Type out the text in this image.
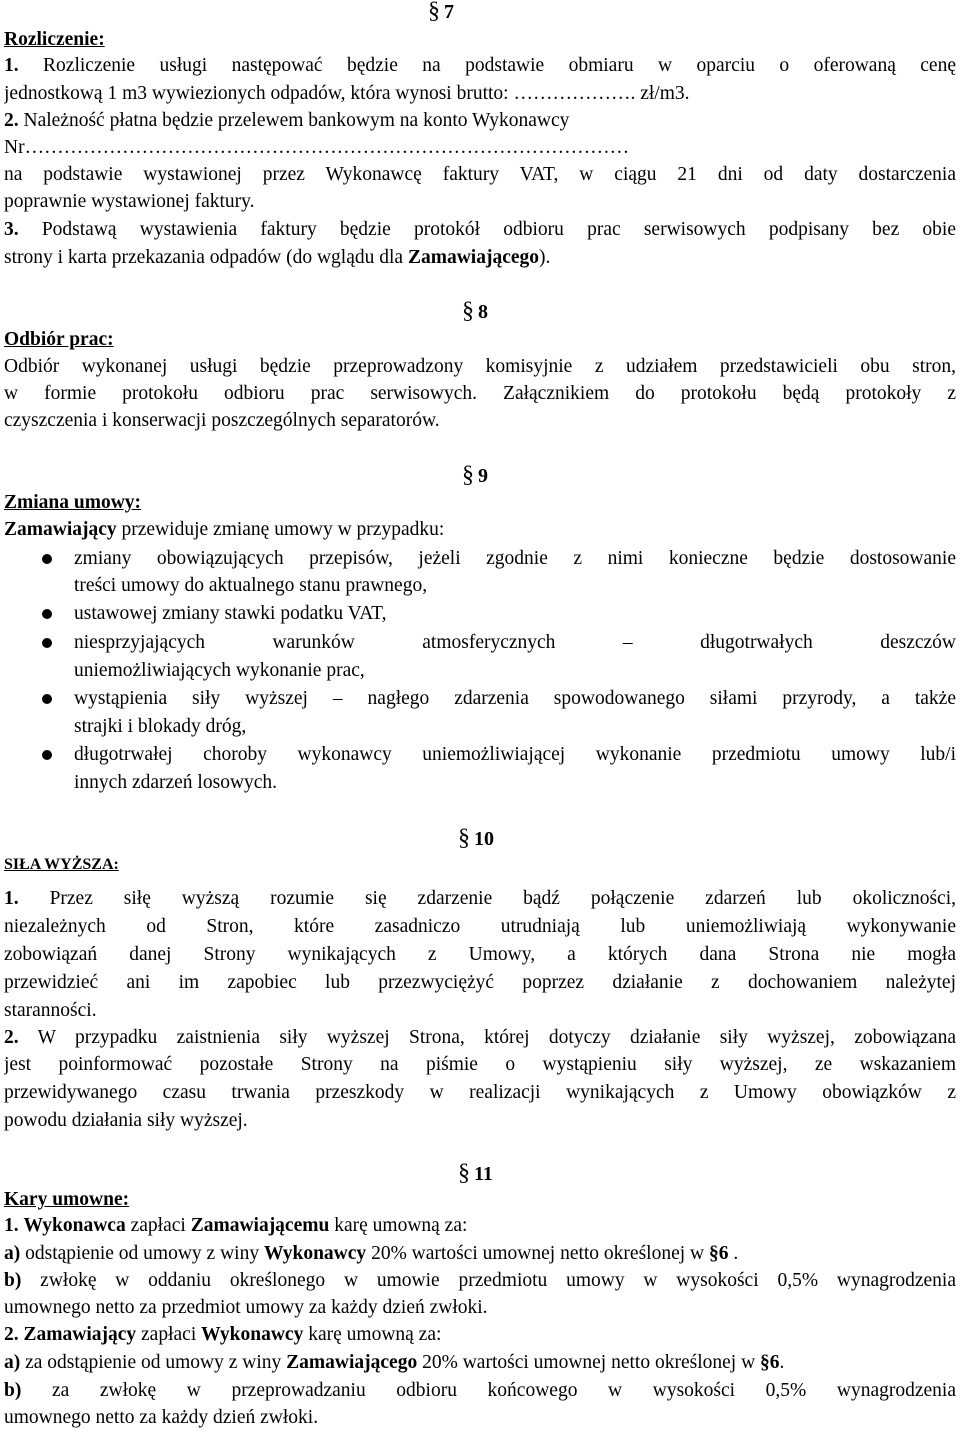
§ 7
Rozliczenie:
1. Rozliczenie usługi następować będzie na podstawie obmiaru w oparciu o oferowaną cenę
jednostkową 1 m3 wywiezionych odpadów, która wynosi brutto: ………………. zł/m3.
2. Należność płatna będzie przelewem bankowym na konto Wykonawcy
Nr…………………………………………………………………………………
na podstawie wystawionej przez Wykonawcę faktury VAT, w ciągu 21 dni od daty dostarczenia
poprawnie wystawionej faktury.
3. Podstawą wystawienia faktury będzie protokół odbioru prac serwisowych podpisany bez obie
strony i karta przekazania odpadów (do wglądu dla Zamawiającego).
§ 8
Odbiór prac:
Odbiór wykonanej usługi będzie przeprowadzony komisyjnie z udziałem przedstawicieli obu stron,
w formie protokołu odbioru prac serwisowych. Załącznikiem do protokołu będą protokoły z
czyszczenia i konserwacji poszczególnych separatorów.
§ 9
Zmiana umowy:
Zamawiający przewiduje zmianę umowy w przypadku:
zmiany obowiązujących przepisów, jeżeli zgodnie z nimi konieczne będzie dostosowanie
treści umowy do aktualnego stanu prawnego,
ustawowej zmiany stawki podatku VAT,
niesprzyjających warunków atmosferycznych – długotrwałych deszczów
uniemożliwiających wykonanie prac,
wystąpienia siły wyższej – nagłego zdarzenia spowodowanego siłami przyrody, a także
strajki i blokady dróg,
długotrwałej choroby wykonawcy uniemożliwiającej wykonanie przedmiotu umowy lub/i
innych zdarzeń losowych.
§ 10
SIŁA WYŻSZA:
1. Przez siłę wyższą rozumie się zdarzenie bądź połączenie zdarzeń lub okoliczności,
niezależnych od Stron, które zasadniczo utrudniają lub uniemożliwiają wykonywanie
zobowiązań danej Strony wynikających z Umowy, a których dana Strona nie mogła
przewidzieć ani im zapobiec lub przezwyciężyć poprzez działanie z dochowaniem należytej
staranności.
2. W przypadku zaistnienia siły wyższej Strona, której dotyczy działanie siły wyższej, zobowiązana
jest poinformować pozostałe Strony na piśmie o wystąpieniu siły wyższej, ze wskazaniem
przewidywanego czasu trwania przeszkody w realizacji wynikających z Umowy obowiązków z
powodu działania siły wyższej.
§ 11
Kary umowne:
1. Wykonawca zapłaci Zamawiającemu karę umowną za:
a) odstąpienie od umowy z winy Wykonawcy 20% wartości umownej netto określonej w §6 .
b) zwłokę w oddaniu określonego w umowie przedmiotu umowy w wysokości 0,5% wynagrodzenia
umownego netto za przedmiot umowy za każdy dzień zwłoki.
2. Zamawiający zapłaci Wykonawcy karę umowną za:
a) za odstąpienie od umowy z winy Zamawiającego 20% wartości umownej netto określonej w §6.
b) za zwłokę w przeprowadzaniu odbioru końcowego w wysokości 0,5% wynagrodzenia
umownego netto za każdy dzień zwłoki.
